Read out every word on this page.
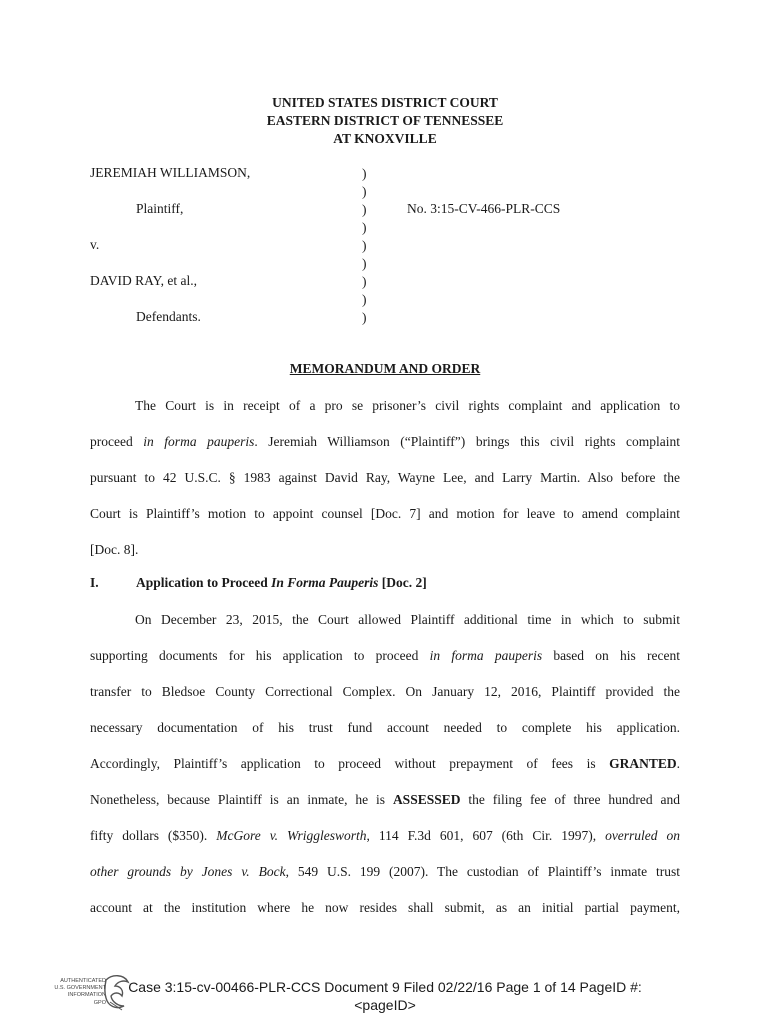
UNITED STATES DISTRICT COURT
EASTERN DISTRICT OF TENNESSEE
AT KNOXVILLE
JEREMIAH WILLIAMSON,
Plaintiff,
v.
DAVID RAY, et al.,
Defendants.
)
)
)
)
)
)
)
)
)
No. 3:15-CV-466-PLR-CCS
MEMORANDUM AND ORDER
The Court is in receipt of a pro se prisoner’s civil rights complaint and application to
proceed in forma pauperis. Jeremiah Williamson (“Plaintiff”) brings this civil rights complaint
pursuant to 42 U.S.C. § 1983 against David Ray, Wayne Lee, and Larry Martin. Also before the
Court is Plaintiff’s motion to appoint counsel [Doc. 7] and motion for leave to amend complaint
[Doc. 8].
I.	Application to Proceed In Forma Pauperis [Doc. 2]
On December 23, 2015, the Court allowed Plaintiff additional time in which to submit
supporting documents for his application to proceed in forma pauperis based on his recent
transfer to Bledsoe County Correctional Complex. On January 12, 2016, Plaintiff provided the
necessary documentation of his trust fund account needed to complete his application.
Accordingly, Plaintiff’s application to proceed without prepayment of fees is GRANTED.
Nonetheless, because Plaintiff is an inmate, he is ASSESSED the filing fee of three hundred and
fifty dollars ($350). McGore v. Wrigglesworth, 114 F.3d 601, 607 (6th Cir. 1997), overruled on
other grounds by Jones v. Bock, 549 U.S. 199 (2007). The custodian of Plaintiff’s inmate trust
account at the institution where he now resides shall submit, as an initial partial payment,
AUTHENTICATED
U.S. GOVERNMENT
INFORMATION
GPO
Case 3:15-cv-00466-PLR-CCS Document 9 Filed 02/22/16 Page 1 of 14 PageID #:
<pageID>
